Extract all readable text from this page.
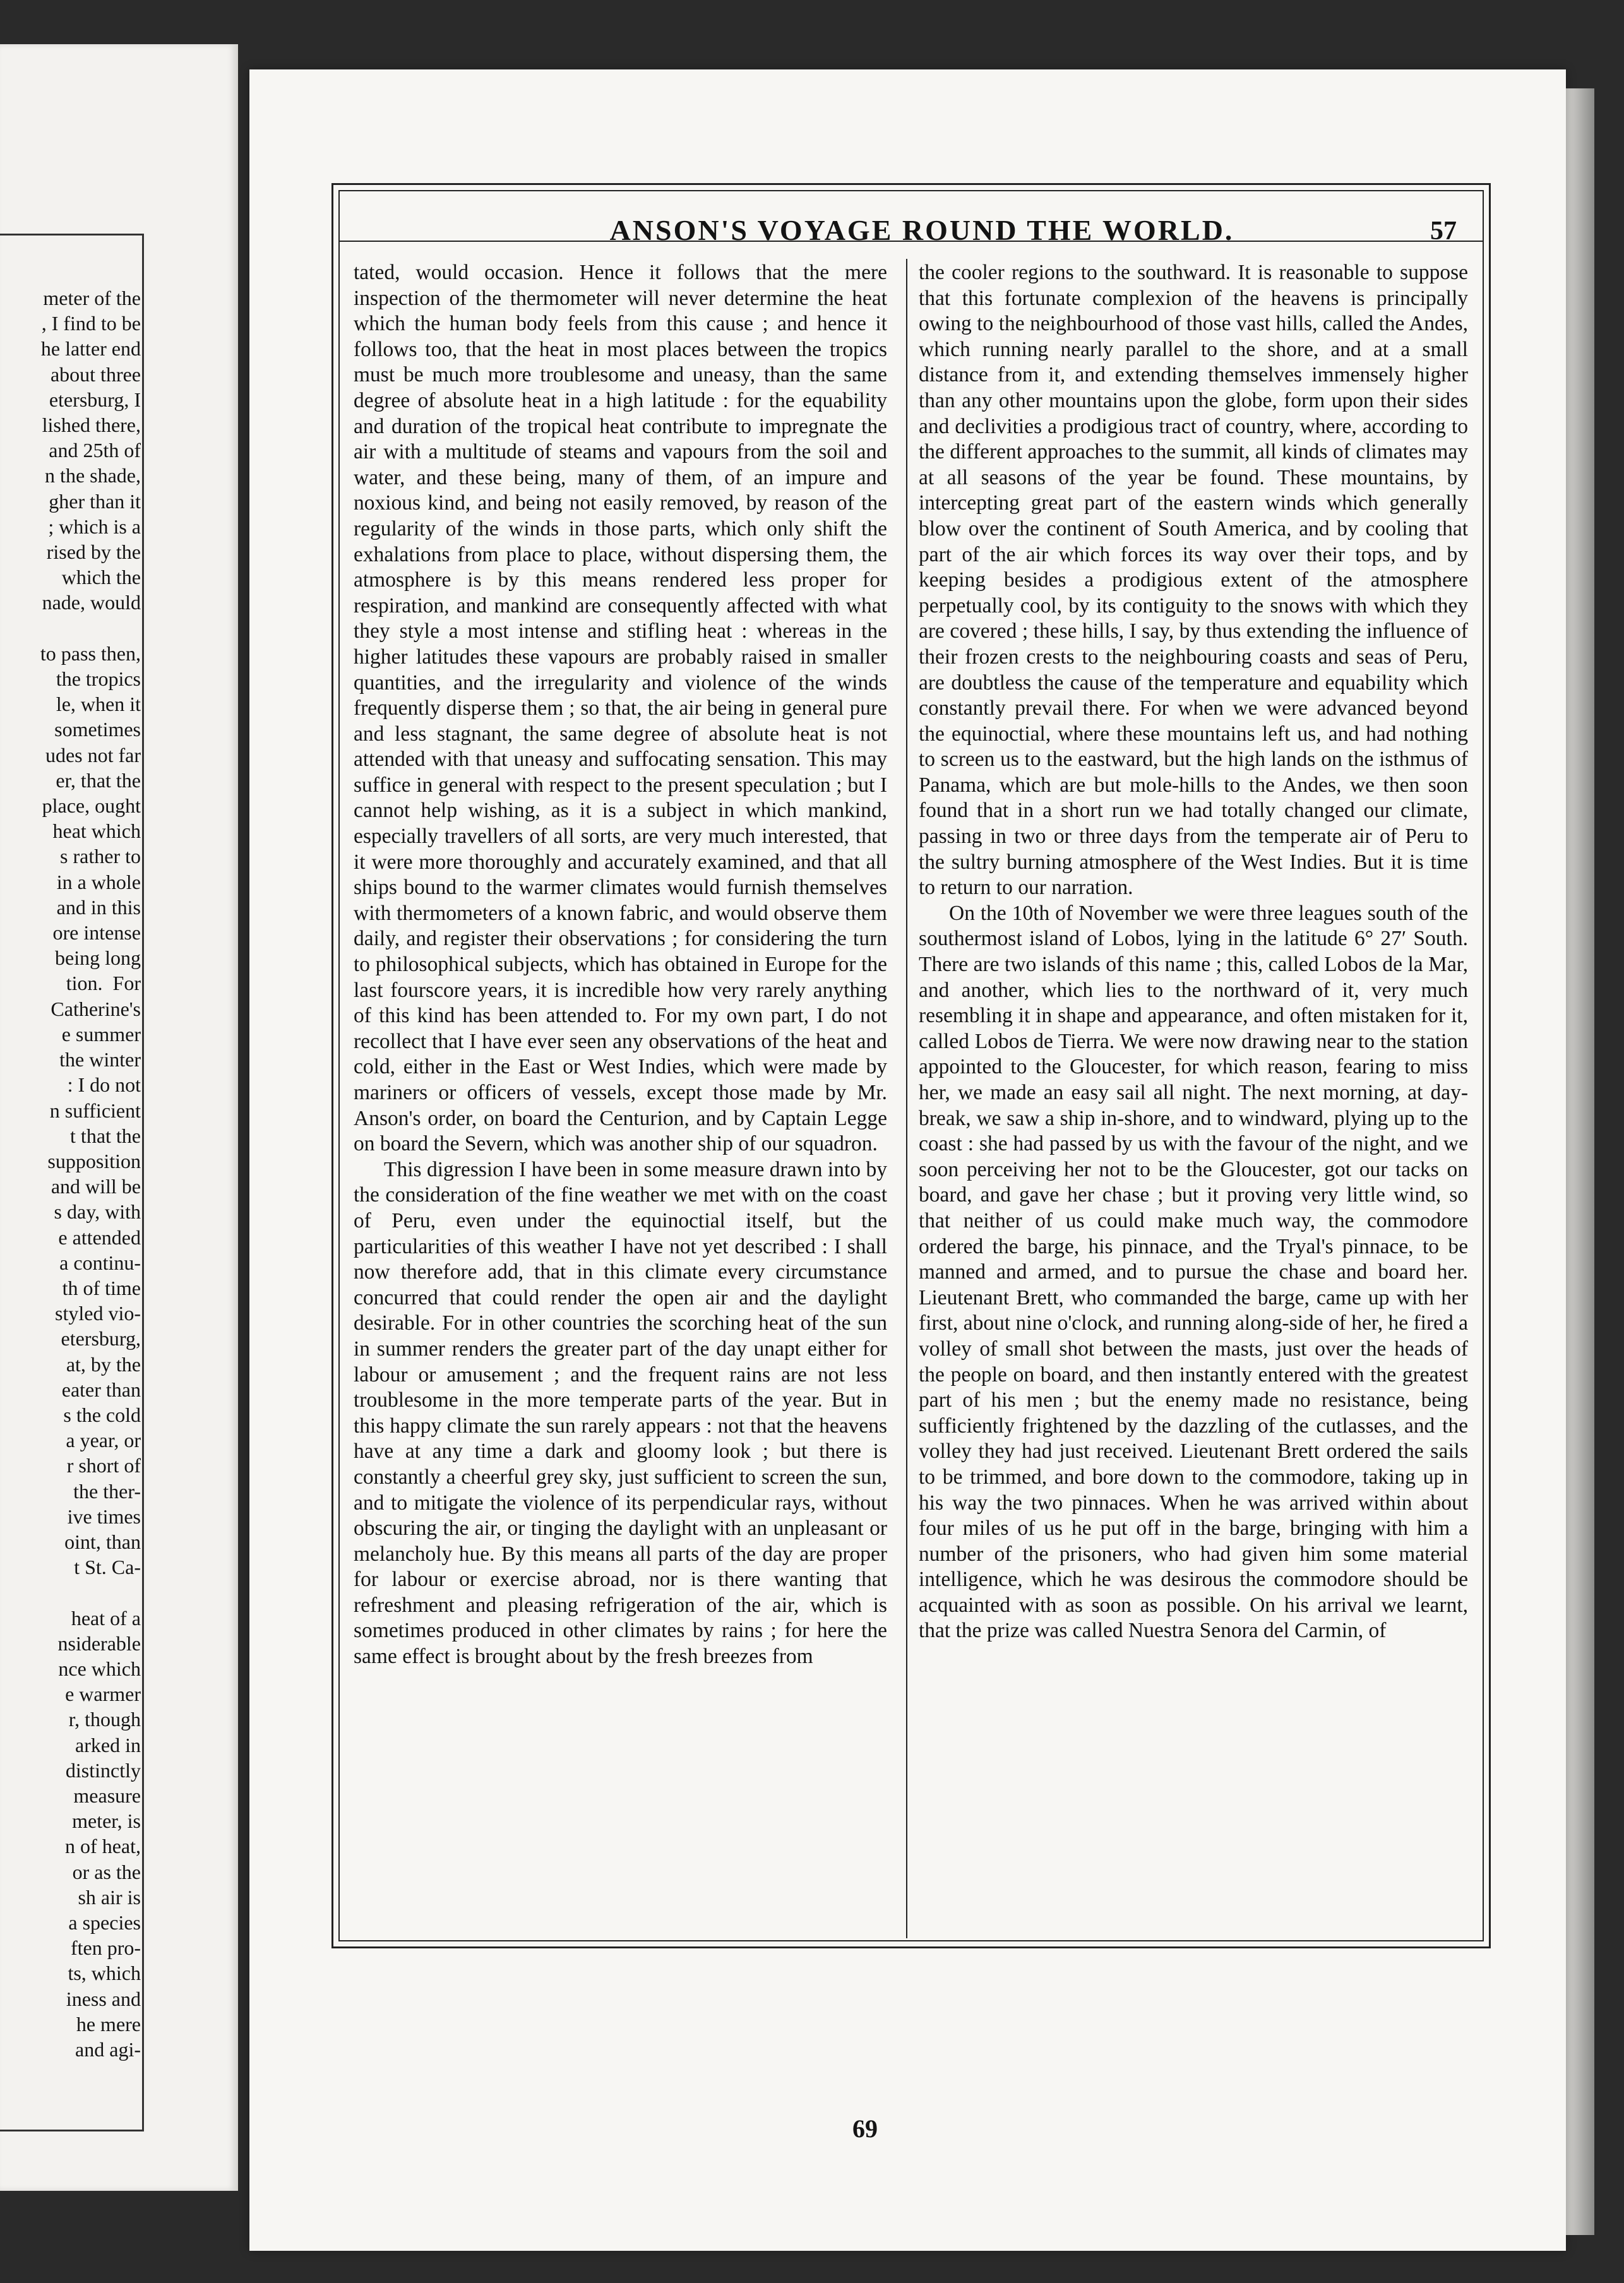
meter of the
, I find to be
he latter end
about three
etersburg, I
lished there,
and 25th of
n the shade,
gher than it
; which is a
rised by the
which the
nade, would

to pass then,
the tropics
le, when it
sometimes
udes not far
er, that the
place, ought
heat which
s rather to
in a whole
and in this
ore intense
being long
tion.  For
Catherine's
e summer
the winter
: I do not
n sufficient
t that the
supposition
and will be
s day, with
e attended
a continu-
th of time
styled vio-
etersburg,
at, by the
eater than
s the cold
a year, or
r short of
the ther-
ive times
oint, than
t St. Ca-

heat of a
nsiderable
nce which
e warmer
r, though
arked in
distinctly
measure
meter, is
n of heat,
or as the
sh air is
a species
ften pro-
ts, which
iness and
he mere
and agi-
ANSON'S VOYAGE ROUND THE WORLD.	57

tated, would occasion. Hence it follows that the mere inspection of the thermometer will never determine the heat which the human body feels from this cause ; and hence it follows too, that the heat in most places between the tropics must be much more troublesome and uneasy, than the same degree of absolute heat in a high latitude : for the equability and duration of the tropical heat contribute to impregnate the air with a multitude of steams and vapours from the soil and water, and these being, many of them, of an impure and noxious kind, and being not easily removed, by reason of the regularity of the winds in those parts, which only shift the exhalations from place to place, without dispersing them, the atmosphere is by this means rendered less proper for respiration, and mankind are consequently affected with what they style a most intense and stifling heat : whereas in the higher latitudes these vapours are probably raised in smaller quantities, and the irregularity and violence of the winds frequently disperse them ; so that, the air being in general pure and less stagnant, the same degree of absolute heat is not attended with that uneasy and suffocating sensation. This may suffice in general with respect to the present speculation ; but I cannot help wishing, as it is a subject in which mankind, especially travellers of all sorts, are very much interested, that it were more thoroughly and accurately examined, and that all ships bound to the warmer climates would furnish themselves with thermometers of a known fabric, and would observe them daily, and register their observations ; for considering the turn to philosophical subjects, which has obtained in Europe for the last fourscore years, it is incredible how very rarely anything of this kind has been attended to. For my own part, I do not recollect that I have ever seen any observations of the heat and cold, either in the East or West Indies, which were made by mariners or officers of vessels, except those made by Mr. Anson's order, on board the Centurion, and by Captain Legge on board the Severn, which was another ship of our squadron.

This digression I have been in some measure drawn into by the consideration of the fine weather we met with on the coast of Peru, even under the equinoctial itself, but the particularities of this weather I have not yet described : I shall now therefore add, that in this climate every circumstance concurred that could render the open air and the daylight desirable. For in other countries the scorching heat of the sun in summer renders the greater part of the day unapt either for labour or amusement ; and the frequent rains are not less troublesome in the more temperate parts of the year. But in this happy climate the sun rarely appears : not that the heavens have at any time a dark and gloomy look ; but there is constantly a cheerful grey sky, just sufficient to screen the sun, and to mitigate the violence of its perpendicular rays, without obscuring the air, or tinging the daylight with an unpleasant or melancholy hue. By this means all parts of the day are proper for labour or exercise abroad, nor is there wanting that refreshment and pleasing refrigeration of the air, which is sometimes produced in other climates by rains ; for here the same effect is brought about by the fresh breezes from

the cooler regions to the southward. It is reasonable to suppose that this fortunate complexion of the heavens is principally owing to the neighbourhood of those vast hills, called the Andes, which running nearly parallel to the shore, and at a small distance from it, and extending themselves immensely higher than any other mountains upon the globe, form upon their sides and declivities a prodigious tract of country, where, according to the different approaches to the summit, all kinds of climates may at all seasons of the year be found. These mountains, by intercepting great part of the eastern winds which generally blow over the continent of South America, and by cooling that part of the air which forces its way over their tops, and by keeping besides a prodigious extent of the atmosphere perpetually cool, by its contiguity to the snows with which they are covered ; these hills, I say, by thus extending the influence of their frozen crests to the neighbouring coasts and seas of Peru, are doubtless the cause of the temperature and equability which constantly prevail there. For when we were advanced beyond the equinoctial, where these mountains left us, and had nothing to screen us to the eastward, but the high lands on the isthmus of Panama, which are but mole-hills to the Andes, we then soon found that in a short run we had totally changed our climate, passing in two or three days from the temperate air of Peru to the sultry burning atmosphere of the West Indies. But it is time to return to our narration.

On the 10th of November we were three leagues south of the southermost island of Lobos, lying in the latitude 6° 27′ South. There are two islands of this name ; this, called Lobos de la Mar, and another, which lies to the northward of it, very much resembling it in shape and appearance, and often mistaken for it, called Lobos de Tierra. We were now drawing near to the station appointed to the Gloucester, for which reason, fearing to miss her, we made an easy sail all night. The next morning, at day-break, we saw a ship in-shore, and to windward, plying up to the coast : she had passed by us with the favour of the night, and we soon perceiving her not to be the Gloucester, got our tacks on board, and gave her chase ; but it proving very little wind, so that neither of us could make much way, the commodore ordered the barge, his pinnace, and the Tryal's pinnace, to be manned and armed, and to pursue the chase and board her. Lieutenant Brett, who commanded the barge, came up with her first, about nine o'clock, and running along-side of her, he fired a volley of small shot between the masts, just over the heads of the people on board, and then instantly entered with the greatest part of his men ; but the enemy made no resistance, being sufficiently frightened by the dazzling of the cutlasses, and the volley they had just received. Lieutenant Brett ordered the sails to be trimmed, and bore down to the commodore, taking up in his way the two pinnaces. When he was arrived within about four miles of us he put off in the barge, bringing with him a number of the prisoners, who had given him some material intelligence, which he was desirous the commodore should be acquainted with as soon as possible. On his arrival we learnt, that the prize was called Nuestra Senora del Carmin, of

69
